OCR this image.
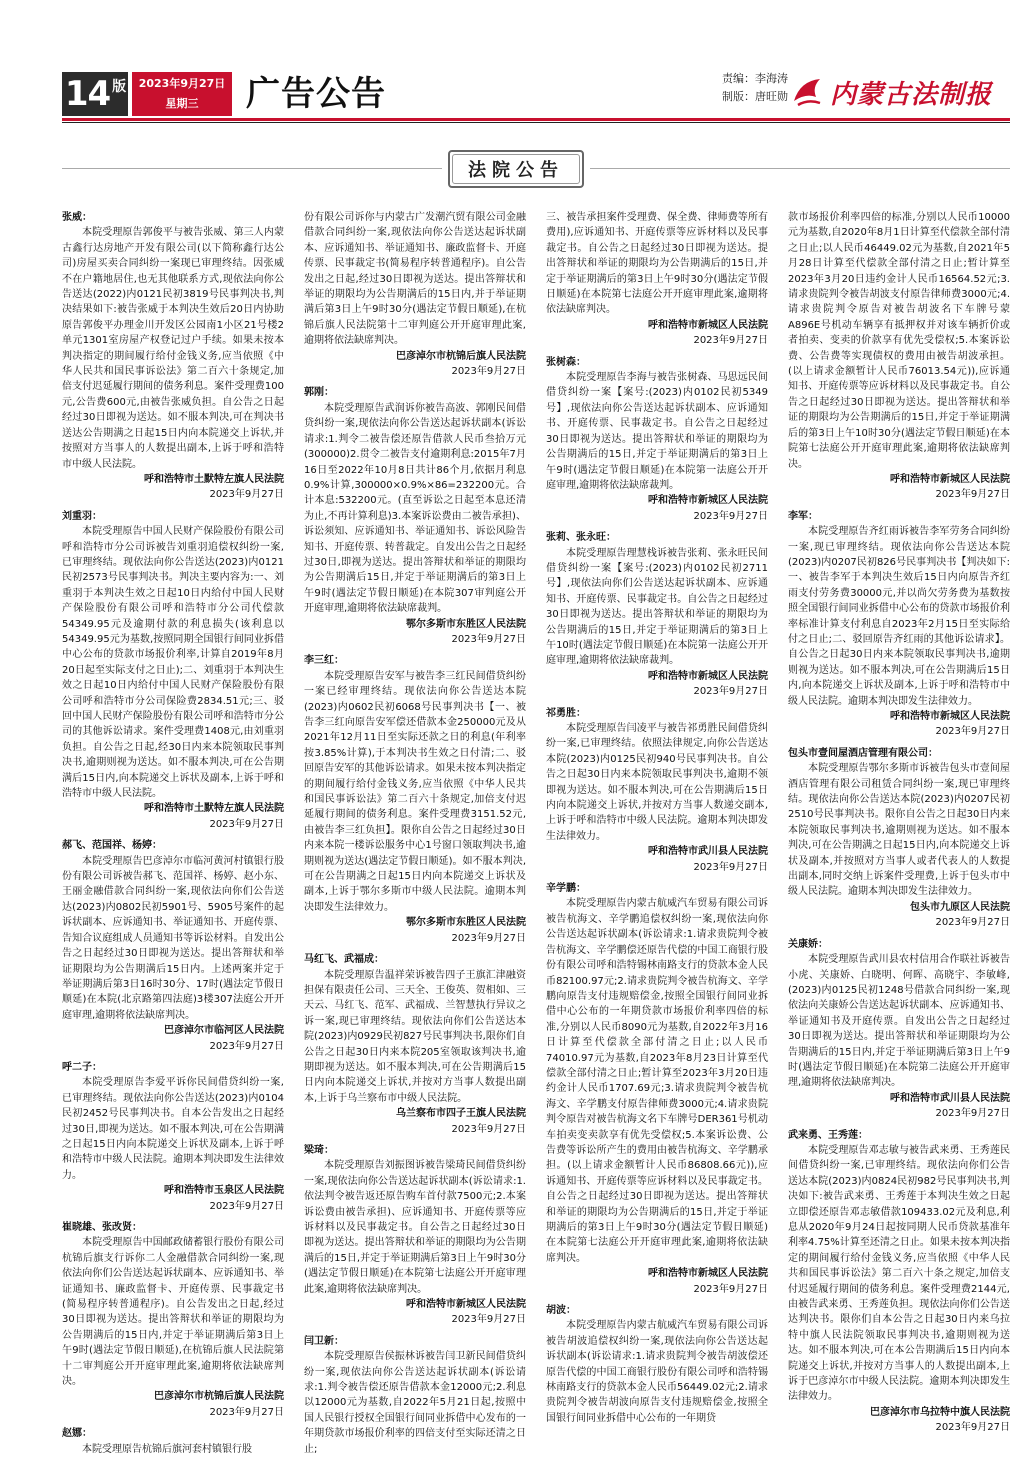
14 版	2023年9月27日
星期三	广告公告	责编：李海涛
制版：唐旺勋 内蒙古法制报
法院公告
张威：
本院受理原告郭俊平与被告张威、第三人内蒙古鑫行达房地产开发有限公司(以下简称鑫行达公司)房屋买卖合同纠纷一案现已审理终结。因张威不在户籍地居住,也无其他联系方式,现依法向你公告送达(2022)内0121民初3819号民事判决书,判决结果如下:被告张威于本判决生效后20日内协助原告郭俊平办理金川开发区公园南1小区21号楼2单元1301室房屋产权登记过户手续。如果未按本判决指定的期间履行给付金钱义务,应当依照《中华人民共和国民事诉讼法》第二百六十条规定,加倍支付迟延履行期间的债务利息。案件受理费100元,公告费600元,由被告张威负担。自公告之日起经过30日即视为送达。如不服本判决,可在判决书送达公告期满之日起15日内向本院递交上诉状,并按照对方当事人的人数提出副本,上诉于呼和浩特市中级人民法院。
呼和浩特市土默特左旗人民法院
2023年9月27日
刘重羽：
本院受理原告中国人民财产保险股份有限公司呼和浩特市分公司诉被告刘重羽追偿权纠纷一案,已审理终结。现依法向你公告送达(2023)内0121民初2573号民事判决书。判决主要内容为:一、刘重羽于本判决生效之日起10日内给付中国人民财产保险股份有限公司呼和浩特市分公司代偿款54349.95元及逾期付款的利息损失(该利息以54349.95元为基数,按照同期全国银行间同业拆借中心公布的贷款市场报价利率,计算自2019年8月20日起至实际支付之日止);二、刘重羽于本判决生效之日起10日内给付中国人民财产保险股份有限公司呼和浩特市分公司保险费2834.51元;三、驳回中国人民财产保险股份有限公司呼和浩特市分公司的其他诉讼请求。案件受理费1408元,由刘重羽负担。自公告之日起,经30日内来本院领取民事判决书,逾期则视为送达。如不服本判决,可在公告期满后15日内,向本院递交上诉状及副本,上诉于呼和浩特市中级人民法院。
呼和浩特市土默特左旗人民法院
2023年9月27日
郝飞、范国祥、杨婷：
本院受理原告巴彦淖尔市临河黄河村镇银行股份有限公司诉被告郝飞、范国祥、杨婷、赵小东、王丽金融借款合同纠纷一案,现依法向你们公告送达(2023)内0802民初5901号、5905号案件的起诉状副本、应诉通知书、举证通知书、开庭传票、告知合议庭组成人员通知书等诉讼材料。自发出公告之日起经过30日即视为送达。提出答辩状和举证期限均为公告期满后15日内。上述两案并定于举证期满后第3日16时30分、17时(遇法定节假日顺延)在本院(北京路第四法庭)3楼307法庭公开开庭审理,逾期将依法缺席判决。
巴彦淖尔市临河区人民法院
2023年9月27日
呼二子：
本院受理原告李爱平诉你民间借贷纠纷一案,已审理终结。现依法向你公告送达(2023)内0104民初2452号民事判决书。自本公告发出之日起经过30日,即视为送达。如不服本判决,可在公告期满之日起15日内向本院递交上诉状及副本,上诉于呼和浩特市中级人民法院。逾期本判决即发生法律效力。
呼和浩特市玉泉区人民法院
2023年9月27日
崔晓雄、张改贤：
本院受理原告中国邮政储蓄银行股份有限公司杭锦后旗支行诉你二人金融借款合同纠纷一案,现依法向你们公告送达起诉状副本、应诉通知书、举证通知书、廉政监督卡、开庭传票、民事裁定书(简易程序转普通程序)。自公告发出之日起,经过30日即视为送达。提出答辩状和举证的期限均为公告期满后的15日内,并定于举证期满后第3日上午9时(遇法定节假日顺延),在杭锦后旗人民法院第十二审判庭公开开庭审理此案,逾期将依法缺席判决。
巴彦淖尔市杭锦后旗人民法院
2023年9月27日
赵娜：
本院受理原告杭锦后旗河套村镇银行股
份有限公司诉你与内蒙古广发潮汽贸有限公司金融借款合同纠纷一案,现依法向你公告送达起诉状副本、应诉通知书、举证通知书、廉政监督卡、开庭传票、民事裁定书(简易程序转普通程序)。自公告发出之日起,经过30日即视为送达。提出答辩状和举证的期限均为公告期满后的15日内,并于举证期满后第3日上午9时30分(遇法定节假日顺延),在杭锦后旗人民法院第十二审判庭公开开庭审理此案,逾期将依法缺席判决。
巴彦淖尔市杭锦后旗人民法院
2023年9月27日
郭刚：
本院受理原告武润诉你被告高波、郭刚民间借贷纠纷一案,现依法向你公告送达起诉状副本(诉讼请求:1.判令二被告偿还原告借款人民币叁拾万元(300000)2.贯令二被告支付逾期利息:2015年7月16日至2022年10月8日共计86个月,依据月利息0.9%计算,300000×0.9%×86=232200元。合计本息:532200元。(直至诉讼之日起至本息还清为止,不再计算利息)3.本案诉讼费由二被告承担)、诉讼须知、应诉通知书、举证通知书、诉讼风险告知书、开庭传票、转普裁定。自发出公告之日起经过30日,即视为送达。提出答辩状和举证的期限均为公告期满后15日,并定于举证期满后的第3日上午9时(遇法定节假日顺延)在本院307审判庭公开开庭审理,逾期将依法缺席裁判。
鄂尔多斯市东胜区人民法院
2023年9月27日
李三红：
本院受理原告安军与被告李三红民间借贷纠纷一案已经审理终结。现依法向你公告送达本院(2023)内0602民初6068号民事判决书【一、被告李三红向原告安军偿还借款本金250000元及从2021年12月11日至实际还款之日的利息(年利率按3.85%计算),于本判决书生效之日付清;二、驳回原告安军的其他诉讼请求。如果未按本判决指定的期间履行给付金钱义务,应当依照《中华人民共和国民事诉讼法》第二百六十条规定,加倍支付迟延履行期间的债务利息。案件受理费3151.52元,由被告李三红负担】。限你自公告之日起经过30日内来本院一楼诉讼服务中心1号窗口领取判决书,逾期则视为送达(遇法定节假日顺延)。如不服本判决,可在公告期满之日起15日内向本院递交上诉状及副本,上诉于鄂尔多斯市中级人民法院。逾期本判决即发生法律效力。
鄂尔多斯市东胜区人民法院
2023年9月27日
马红飞、武福成：
本院受理原告温祥荣诉被告四子王旗汇津融资担保有限责任公司、三天全、王俊英、贺相如、三天云、马红飞、范军、武福成、兰智慧执行异议之诉一案,现已审理终结。现依法向你们公告送达本院(2023)内0929民初827号民事判决书,限你们自公告之日起30日内来本院205室领取该判决书,逾期即视为送达。如不服本判决,可在公告期满后15日内向本院递交上诉状,并按对方当事人数提出副本,上诉于乌兰察布市中级人民法院。
乌兰察布市四子王旗人民法院
2023年9月27日
梁琦：
本院受理原告刘振图诉被告梁琦民间借贷纠纷一案,现依法向你公告送达起诉状副本(诉讼请求:1.依法判令被告返还原告购车首付款7500元;2.本案诉讼费由被告承担)、应诉通知书、开庭传票等应诉材料以及民事裁定书。自公告之日起经过30日即视为送达。提出答辩状和举证的期限均为公告期满后的15日,并定于举证期满后第3日上午9时30分(遇法定节假日顺延)在本院第七法庭公开开庭审理此案,逾期将依法缺席判决。
呼和浩特市新城区人民法院
2023年9月27日
闫卫新：
本院受理原告侯振林诉被告闫卫新民间借贷纠纷一案,现依法向你公告送达起诉状副本(诉讼请求:1.判令被告偿还原告借款本金12000元;2.利息以12000元为基数,自2022年5月21日起,按照中国人民银行授权全国银行间同业拆借中心发布的一年期贷款市场报价利率的四倍支付至实际还清之日止;
三、被告承担案件受理费、保全费、律师费等所有费用),应诉通知书、开庭传票等应诉材料以及民事裁定书。自公告之日起经过30日即视为送达。提出答辩状和举证的期限均为公告期满后的15日,并定于举证期满后的第3日上午9时30分(遇法定节假日顺延)在本院第七法庭公开开庭审理此案,逾期将依法缺席判决。
呼和浩特市新城区人民法院
2023年9月27日
张树森：
本院受理原告李海与被告张树森、马思远民间借贷纠纷一案【案号:(2023)内0102民初5349号】,现依法向你公告送达起诉状副本、应诉通知书、开庭传票、民事裁定书。自公告之日起经过30日即视为送达。提出答辩状和举证的期限均为公告期满后的15日,并定于举证期满后的第3日上午9时(遇法定节假日顺延)在本院第一法庭公开开庭审理,逾期将依法缺席裁判。
呼和浩特市新城区人民法院
2023年9月27日
张莉、张永旺：
本院受理原告理慧栈诉被告张莉、张永旺民间借贷纠纷一案【案号:(2023)内0102民初2711号】,现依法向你们公告送达起诉状副本、应诉通知书、开庭传票、民事裁定书。自公告之日起经过30日即视为送达。提出答辩状和举证的期限均为公告期满后的15日,并定于举证期满后的第3日上午10时(遇法定节假日顺延)在本院第一法庭公开开庭审理,逾期将依法缺席裁判。
呼和浩特市新城区人民法院
2023年9月27日
祁勇胜：
本院受理原告闫凌平与被告祁勇胜民间借贷纠纷一案,已审理终结。依照法律规定,向你公告送达本院(2023)内0125民初940号民事判决书。自公告之日起30日内来本院领取民事判决书,逾期不领即视为送达。如不服本判决,可在公告期满后15日内向本院递交上诉状,并按对方当事人数递交副本,上诉于呼和浩特市中级人民法院。逾期本判决即发生法律效力。
呼和浩特市武川县人民法院
2023年9月27日
辛学鹏：
本院受理原告内蒙古航威汽车贸易有限公司诉被告杭海文、辛学鹏追偿权纠纷一案,现依法向你公告送达起诉状副本(诉讼请求:1.请求贵院判令被告杭海文、辛学鹏偿还原告代偿的中国工商银行股份有限公司呼和浩特锡林南路支行的贷款本金人民币82100.97元;2.请求贵院判令被告杭海文、辛学鹏向原告支付违规赔偿金,按照全国银行间同业拆借中心公布的一年期贷款市场报价利率四倍的标准,分别以人民币8090元为基数,自2022年3月16日计算至代偿款全部付清之日止;以人民币74010.97元为基数,自2023年8月23日计算至代偿款全部付清之日止;暂计算至2023年3月20日违约金计人民币1707.69元;3.请求贵院判令被告杭海文、辛学鹏支付原告律师费3000元;4.请求贵院判令原告对被告杭海文名下车牌号DER361号机动车拍卖变卖款享有优先受偿权;5.本案诉讼费、公告费等诉讼所产生的费用由被告杭海文、辛学鹏承担。(以上请求金额暂计人民币86808.66元)),应诉通知书、开庭传票等应诉材料以及民事裁定书。自公告之日起经过30日即视为送达。提出答辩状和举证的期限均为公告期满后的15日,并定于举证期满后的第3日上午9时30分(遇法定节假日顺延)在本院第七法庭公开开庭审理此案,逾期将依法缺席判决。
呼和浩特市新城区人民法院
2023年9月27日
胡波：
本院受理原告内蒙古航威汽车贸易有限公司诉被告胡波追偿权纠纷一案,现依法向你公告送达起诉状副本(诉讼请求:1.请求贵院判令被告胡波偿还原告代偿的中国工商银行股份有限公司呼和浩特锡林南路支行的贷款本金人民币56449.02元;2.请求贵院判令被告胡波向原告支付违规赔偿金,按照全国银行间同业拆借中心公布的一年期贷
款市场报价利率四倍的标准,分别以人民币10000元为基数,自2020年8月1日计算至代偿款全部付清之日止;以人民币46449.02元为基数,自2021年5月28日计算至代偿款全部付清之日止;暂计算至2023年3月20日违约金计人民币16564.52元;3.请求贵院判令被告胡波支付原告律师费3000元;4.请求贵院判令原告对被告胡波名下车牌号蒙A896E号机动车辆享有抵押权并对该车辆折价或者拍卖、变卖的价款享有优先受偿权;5.本案诉讼费、公告费等实现债权的费用由被告胡波承担。(以上请求金额暂计人民币76013.54元)),应诉通知书、开庭传票等应诉材料以及民事裁定书。自公告之日起经过30日即视为送达。提出答辩状和举证的期限均为公告期满后的15日,并定于举证期满后的第3日上午10时30分(遇法定节假日顺延)在本院第七法庭公开开庭审理此案,逾期将依法缺席判决。
呼和浩特市新城区人民法院
2023年9月27日
李军：
本院受理原告齐红雨诉被告李军劳务合同纠纷一案,现已审理终结。现依法向你公告送达本院(2023)内0207民初826号民事判决书【判决如下:一、被告李军于本判决生效后15日内向原告齐红雨支付劳务费30000元,并以尚欠劳务费为基数按照全国银行间同业拆借中心公布的贷款市场报价利率标准计算支付利息自2023年2月15日至实际给付之日止;二、驳回原告齐红雨的其他诉讼请求】。自公告之日起30日内来本院领取民事判决书,逾期则视为送达。如不服本判决,可在公告期满后15日内,向本院递交上诉状及副本,上诉于呼和浩特市中级人民法院。逾期本判决即发生法律效力。
呼和浩特市新城区人民法院
2023年9月27日
包头市壹间屋酒店管理有限公司：
本院受理原告鄂尔多斯市诉被告包头市壹间屋酒店管理有限公司租赁合同纠纷一案,现已审理终结。现依法向你公告送达本院(2023)内0207民初2510号民事判决书。限你自公告之日起30日内来本院领取民事判决书,逾期则视为送达。如不服本判决,可在公告期满之日起15日内,向本院递交上诉状及副本,并按照对方当事人或者代表人的人数提出副本,同时交纳上诉案件受理费,上诉于包头市中级人民法院。逾期本判决即发生法律效力。
包头市九原区人民法院
2023年9月27日
关康娇：
本院受理原告武川县农村信用合作联社诉被告小虎、关康娇、白晓明、何晖、高晓宇、李敏峰,(2023)内0125民初1248号借款合同纠纷一案,现依法向关康娇公告送达起诉状副本、应诉通知书、举证通知书及开庭传票。自发出公告之日起经过30日即视为送达。提出答辩状和举证期限均为公告期满后的15日内,并定于举证期满后第3日上午9时(遇法定节假日顺延)在本院第二法庭公开开庭审理,逾期将依法缺席判决。
呼和浩特市武川县人民法院
2023年9月27日
武来勇、王秀莲：
本院受理原告邓志敏与被告武来勇、王秀莲民间借贷纠纷一案,已审理终结。现依法向你们公告送达本院(2023)内0824民初982号民事判决书,判决如下:被告武来勇、王秀莲于本判决生效之日起立即偿还原告邓志敏借款109433.02元及利息,利息从2020年9月24日起按同期人民币贷款基准年利率4.75%计算至还清之日止。如果未按本判决指定的期间履行给付金钱义务,应当依照《中华人民共和国民事诉讼法》第二百六十条之规定,加倍支付迟延履行期间的债务利息。案件受理费2144元,由被告武来勇、王秀莲负担。现依法向你们公告送达判决书。限你们自本公告之日起30日内来乌拉特中旗人民法院领取民事判决书,逾期则视为送达。如不服本判决,可在本公告期满后15日内向本院递交上诉状,并按对方当事人的人数提出副本,上诉于巴彦淖尔市中级人民法院。逾期本判决即发生法律效力。
巴彦淖尔市乌拉特中旗人民法院
2023年9月27日
